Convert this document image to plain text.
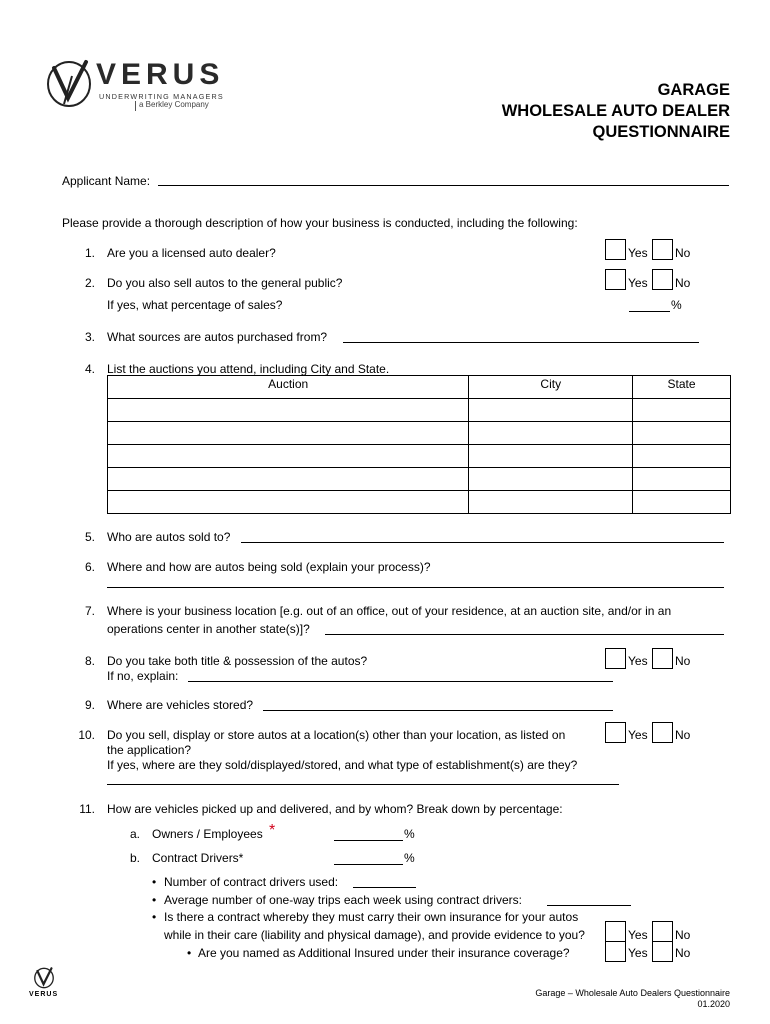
VERUS
UNDERWRITING MANAGERS
a Berkley Company
GARAGE
WHOLESALE AUTO DEALER
QUESTIONNAIRE
Applicant Name:
Please provide a thorough description of how your business is conducted, including the following:
1. Are you a licensed auto dealer?	Yes No
2. Do you also sell autos to the general public?	Yes No
If yes, what percentage of sales?	%
3. What sources are autos purchased from?
4. List the auctions you attend, including City and State.
Auction	City	State

5. Who are autos sold to?
6. Where and how are autos being sold (explain your process)?
7. Where is your business location [e.g. out of an office, out of your residence, at an auction site, and/or in an
operations center in another state(s)]?
8. Do you take both title & possession of the autos?	Yes No
If no, explain:
9. Where are vehicles stored?
10. Do you sell, display or store autos at a location(s) other than your location, as listed on	Yes No
the application?
If yes, where are they sold/displayed/stored, and what type of establishment(s) are they?
11. How are vehicles picked up and delivered, and by whom? Break down by percentage:
a. Owners / Employees *	%
b. Contract Drivers*	%
• Number of contract drivers used:
• Average number of one-way trips each week using contract drivers:
• Is there a contract whereby they must carry their own insurance for your autos
while in their care (liability and physical damage), and provide evidence to you?	Yes No
• Are you named as Additional Insured under their insurance coverage?	Yes No
VERUS	Garage – Wholesale Auto Dealers Questionnaire
01.2020
